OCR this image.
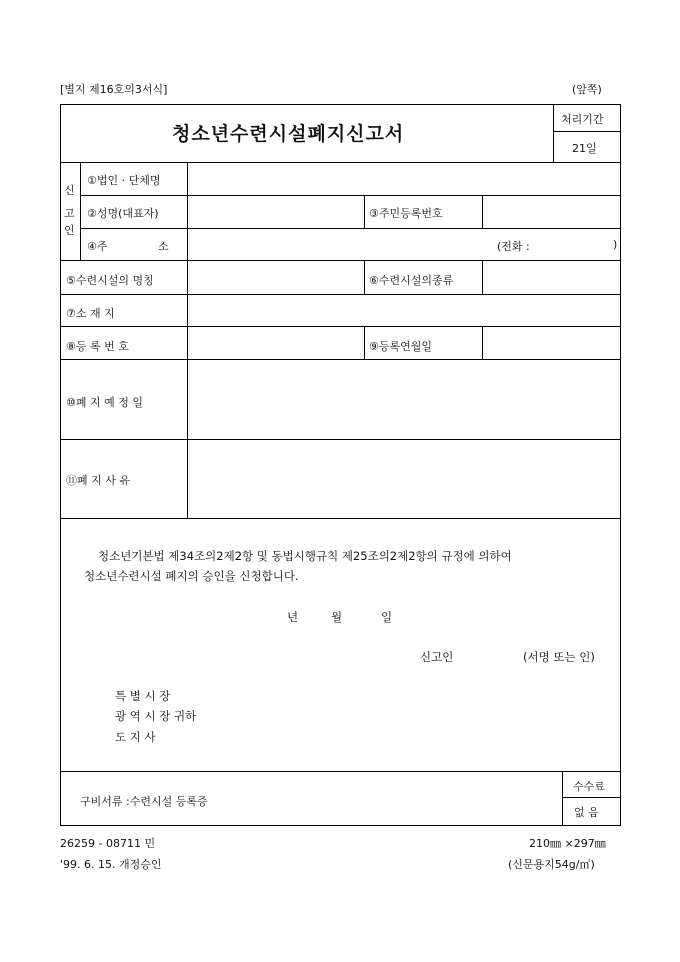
[별지 제16호의3서식]	(앞쪽)
청소년수련시설폐지신고서
처리기간
21일
신
고
인
①법인 · 단체명
②성명(대표자)	③주민등록번호
④주	소	(전화 :	)
⑤수련시설의 명칭	⑥수련시설의종류
⑦소 재 지
⑧등 록 번 호	⑨등록연월일
⑩폐 지 예 정 일
⑪폐 지 사 유
청소년기본법 제34조의2제2항 및 동법시행규칙 제25조의2제2항의 규정에 의하여
청소년수련시설 폐지의 승인을 신청합니다.
년	월	일
신고인	(서명 또는 인)
특 별 시 장
광 역 시 장 귀하
도 지 사
구비서류 :수련시설 등록증
수수료
없 음
26259 - 08711 민
'99. 6. 15. 개정승인
210㎜ ×297㎜
(신문용지54g/㎡)
